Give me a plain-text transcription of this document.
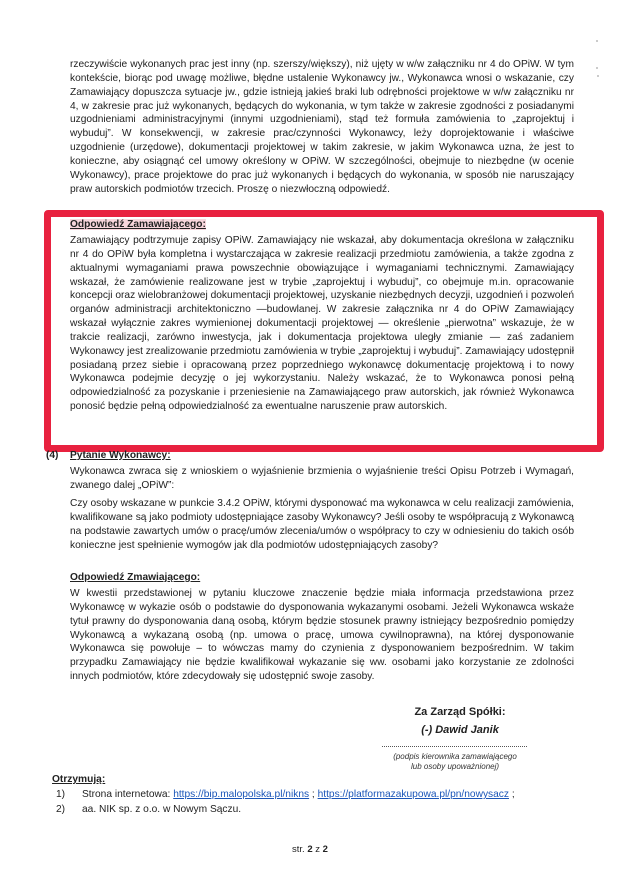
rzeczywiście wykonanych prac jest inny (np. szerszy/większy), niż ujęty w w/w załączniku nr 4 do OPiW. W tym kontekście, biorąc pod uwagę możliwe, błędne ustalenie Wykonawcy jw., Wykonawca wnosi o wskazanie, czy Zamawiający dopuszcza sytuacje jw., gdzie istnieją jakieś braki lub odrębności projektowe w w/w załączniku nr 4, w zakresie prac już wykonanych, będących do wykonania, w tym także w zakresie zgodności z posiadanymi uzgodnieniami administracyjnymi (innymi uzgodnieniami), stąd też formuła zamówienia to „zaprojektuj i wybuduj”. W konsekwencji, w zakresie prac/czynności Wykonawcy, leży doprojektowanie i właściwe uzgodnienie (urzędowe), dokumentacji projektowej w takim zakresie, w jakim Wykonawca uzna, że jest to konieczne, aby osiągnąć cel umowy określony w OPiW. W szczególności, obejmuje to niezbędne (w ocenie Wykonawcy), prace projektowe do prac już wykonanych i będących do wykonania, w sposób nie naruszający praw autorskich podmiotów trzecich. Proszę o niezwłoczną odpowiedź.

Odpowiedź Zamawiającego:

Zamawiający podtrzymuje zapisy OPiW. Zamawiający nie wskazał, aby dokumentacja określona w załączniku nr 4 do OPiW była kompletna i wystarczająca w zakresie realizacji przedmiotu zamówienia, a także zgodna z aktualnymi wymaganiami prawa powszechnie obowiązujące i wymaganiami technicznymi. Zamawiający wskazał, że zamówienie realizowane jest w trybie „zaprojektuj i wybuduj”, co obejmuje m.in. opracowanie koncepcji oraz wielobranżowej dokumentacji projektowej, uzyskanie niezbędnych decyzji, uzgodnień i pozwoleń organów administracji architektoniczno —budowlanej. W zakresie załącznika nr 4 do OPiW Zamawiający wskazał wyłącznie zakres wymienionej dokumentacji projektowej — określenie „pierwotna” wskazuje, że w trakcie realizacji, zarówno inwestycja, jak i dokumentacja projektowa uległy zmianie — zaś zadaniem Wykonawcy jest zrealizowanie przedmiotu zamówienia w trybie „zaprojektuj i wybuduj”. Zamawiający udostępnił posiadaną przez siebie i opracowaną przez poprzedniego wykonawcę dokumentację projektową i to nowy Wykonawca podejmie decyzję o jej wykorzystaniu. Należy wskazać, że to Wykonawca ponosi pełną odpowiedzialność za pozyskanie i przeniesienie na Zamawiającego praw autorskich, jak również Wykonawca ponosić będzie pełną odpowiedzialność za ewentualne naruszenie praw autorskich.

(4) Pytanie Wykonawcy:

Wykonawca zwraca się z wnioskiem o wyjaśnienie brzmienia o wyjaśnienie treści Opisu Potrzeb i Wymagań, zwanego dalej „OPiW”:

Czy osoby wskazane w punkcie 3.4.2 OPiW, którymi dysponować ma wykonawca w celu realizacji zamówienia, kwalifikowane są jako podmioty udostępniające zasoby Wykonawcy? Jeśli osoby te współpracują z Wykonawcą na podstawie zawartych umów o pracę/umów zlecenia/umów o współpracy to czy w odniesieniu do takich osób konieczne jest spełnienie wymogów jak dla podmiotów udostępniających zasoby?

Odpowiedź Zmawiającego:

W kwestii przedstawionej w pytaniu kluczowe znaczenie będzie miała informacja przedstawiona przez Wykonawcę w wykazie osób o podstawie do dysponowania wykazanymi osobami. Jeżeli Wykonawca wskaże tytuł prawny do dysponowania daną osobą, którym będzie stosunek prawny istniejący bezpośrednio pomiędzy Wykonawcą a wykazaną osobą (np. umowa o pracę, umowa cywilnoprawna), na której dysponowanie Wykonawca się powołuje – to wówczas mamy do czynienia z dysponowaniem bezpośrednim. W takim przypadku Zamawiający nie będzie kwalifikował wykazanie się ww. osobami jako korzystanie ze zdolności innych podmiotów, które zdecydowały się udostępnić swoje zasoby.

Za Zarząd Spółki:
(-) Dawid Janik
(podpis kierownika zamawiającego
lub osoby upoważnionej)
Otrzymują:
1) Strona internetowa: https://bip.malopolska.pl/nikns ; https://platformazakupowa.pl/pn/nowysacz ;
2) aa. NIK sp. z o.o. w Nowym Sączu.
str. 2 z 2
